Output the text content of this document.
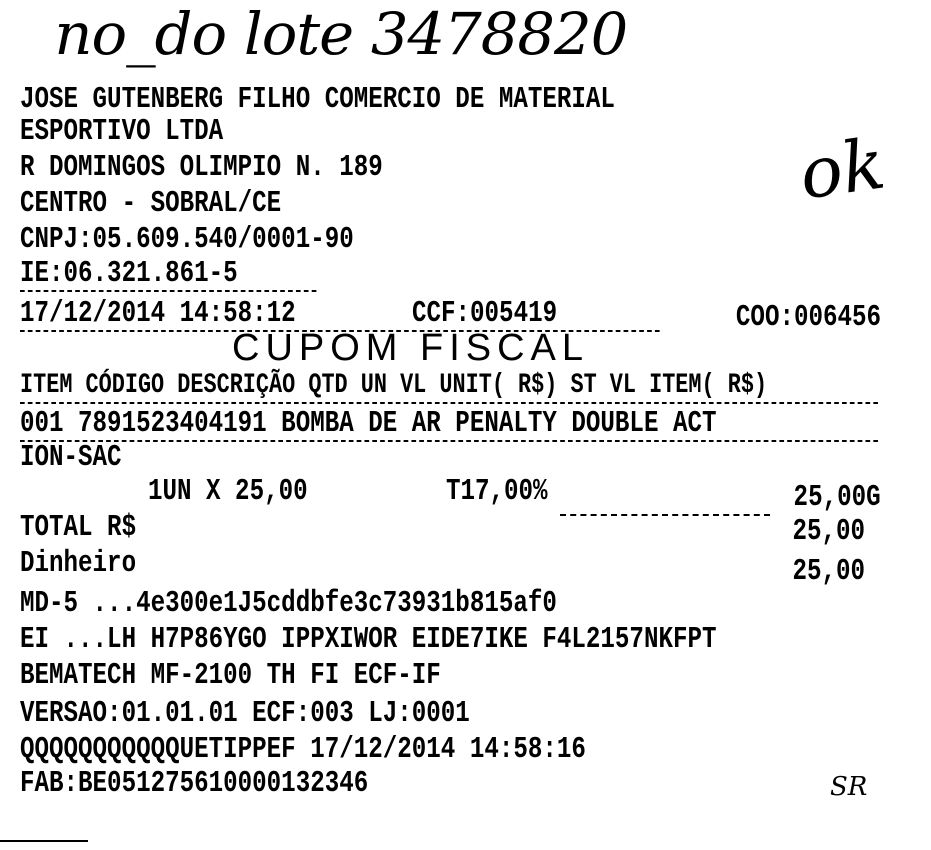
no_do lote 3478820
ok
JOSE GUTENBERG FILHO COMERCIO DE MATERIAL
ESPORTIVO LTDA
R DOMINGOS OLIMPIO N. 189
CENTRO - SOBRAL/CE
CNPJ:05.609.540/0001-90
IE:06.321.861-5
17/12/2014 14:58:12	CCF:005419	COO:006456
CUPOM FISCAL
ITEM CÓDIGO DESCRIÇÃO QTD UN VL UNIT( R$) ST VL ITEM( R$)
001 7891523404191 BOMBA DE AR PENALTY DOUBLE ACT
ION-SAC
1UN X 25,00	T17,00%	25,00G
TOTAL R$	25,00
Dinheiro	25,00
MD-5 ...4e300e1J5cddbfe3c73931b815af0
EI ...LH H7P86YGO IPPXIWOR EIDE7IKE F4L2157NKFPT
BEMATECH MF-2100 TH FI ECF-IF
VERSAO:01.01.01 ECF:003 LJ:0001
QQQQQQQQQQQUETIPPEF 17/12/2014 14:58:16
FAB:BE051275610000132346	SR
